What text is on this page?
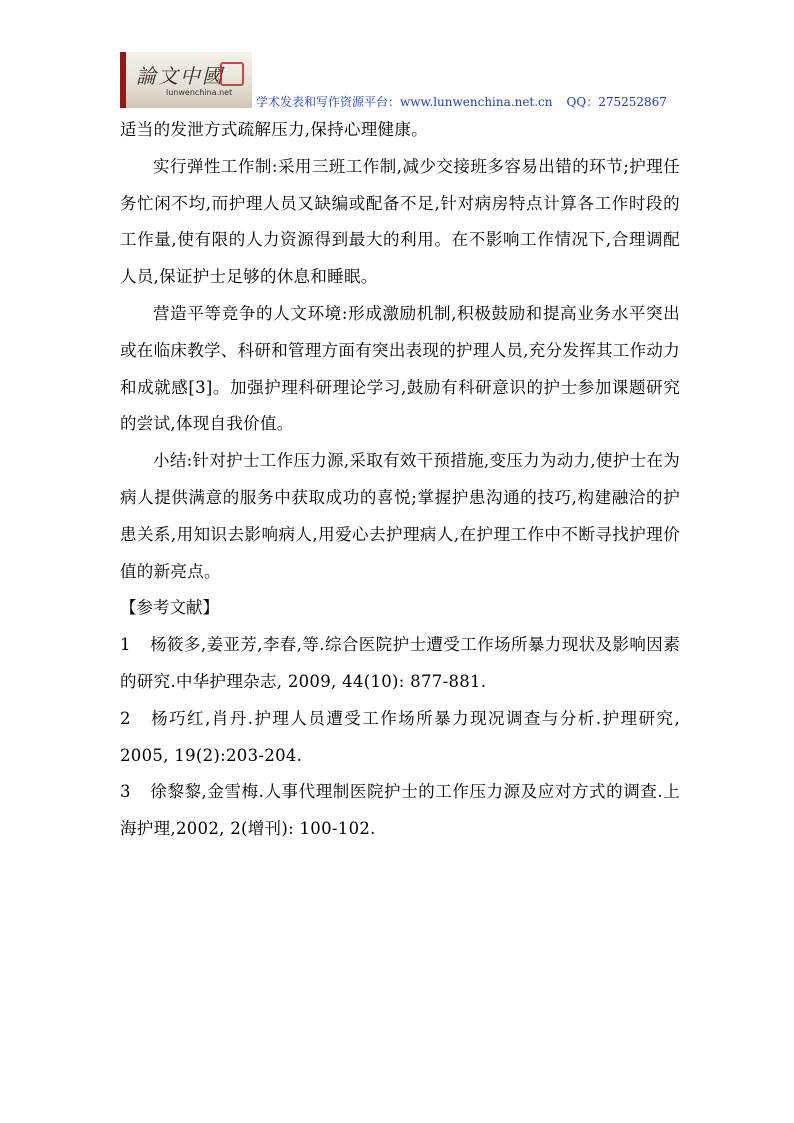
論文中國
lunwenchina.net
学术发表和写作资源平台：www.lunwenchina.net.cn QQ：275252867

适当的发泄方式疏解压力,保持心理健康。

实行弹性工作制:采用三班工作制,减少交接班多容易出错的环节;护理任务忙闲不均,而护理人员又缺编或配备不足,针对病房特点计算各工作时段的工作量,使有限的人力资源得到最大的利用。在不影响工作情况下,合理调配人员,保证护士足够的休息和睡眠。

营造平等竞争的人文环境:形成激励机制,积极鼓励和提高业务水平突出或在临床教学、科研和管理方面有突出表现的护理人员,充分发挥其工作动力和成就感[3]。加强护理科研理论学习,鼓励有科研意识的护士参加课题研究的尝试,体现自我价值。

小结:针对护士工作压力源,采取有效干预措施,变压力为动力,使护士在为病人提供满意的服务中获取成功的喜悦;掌握护患沟通的技巧,构建融洽的护患关系,用知识去影响病人,用爱心去护理病人,在护理工作中不断寻找护理价值的新亮点。

【参考文献】

1 杨筱多,姜亚芳,李春,等.综合医院护士遭受工作场所暴力现状及影响因素的研究.中华护理杂志, 2009, 44(10): 877-881.

2 杨巧红,肖丹.护理人员遭受工作场所暴力现况调查与分析.护理研究, 2005, 19(2):203-204.

3 徐黎黎,金雪梅.人事代理制医院护士的工作压力源及应对方式的调查.上海护理,2002, 2(增刊): 100-102.
